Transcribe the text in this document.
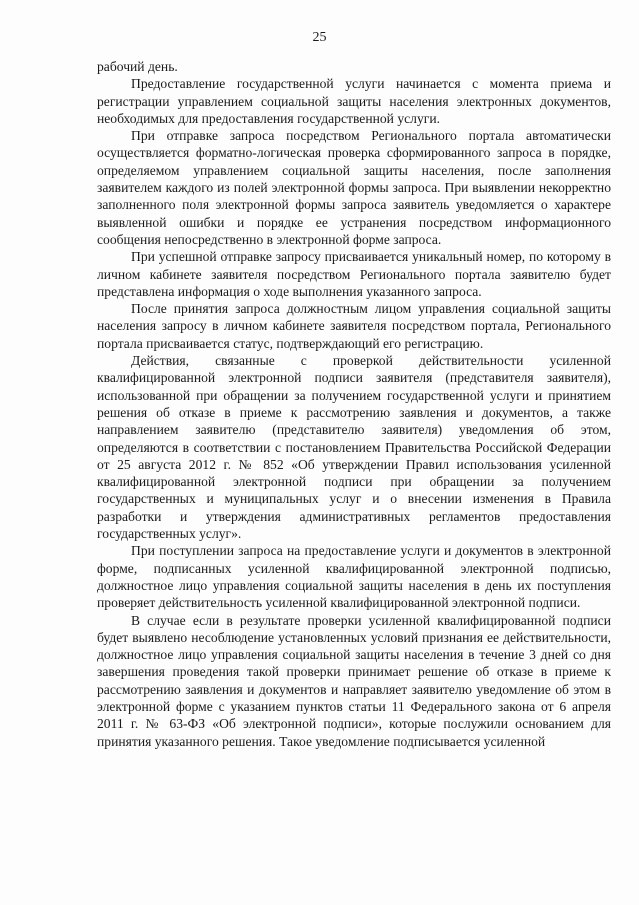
25

рабочий день.

Предоставление государственной услуги начинается с момента приема и регистрации управлением социальной защиты населения электронных документов, необходимых для предоставления государственной услуги.

При отправке запроса посредством Регионального портала автоматически осуществляется форматно-логическая проверка сформированного запроса в порядке, определяемом управлением социальной защиты населения, после заполнения заявителем каждого из полей электронной формы запроса. При выявлении некорректно заполненного поля электронной формы запроса заявитель уведомляется о характере выявленной ошибки и порядке ее устранения посредством информационного сообщения непосредственно в электронной форме запроса.

При успешной отправке запросу присваивается уникальный номер, по которому в личном кабинете заявителя посредством Регионального портала заявителю будет представлена информация о ходе выполнения указанного запроса.

После принятия запроса должностным лицом управления социальной защиты населения запросу в личном кабинете заявителя посредством портала, Регионального портала присваивается статус, подтверждающий его регистрацию.

Действия, связанные с проверкой действительности усиленной квалифицированной электронной подписи заявителя (представителя заявителя), использованной при обращении за получением государственной услуги и принятием решения об отказе в приеме к рассмотрению заявления и документов, а также направлением заявителю (представителю заявителя) уведомления об этом, определяются в соответствии с постановлением Правительства Российской Федерации от 25 августа 2012 г. № 852 «Об утверждении Правил использования усиленной квалифицированной электронной подписи при обращении за получением государственных и муниципальных услуг и о внесении изменения в Правила разработки и утверждения административных регламентов предоставления государственных услуг».

При поступлении запроса на предоставление услуги и документов в электронной форме, подписанных усиленной квалифицированной электронной подписью, должностное лицо управления социальной защиты населения в день их поступления проверяет действительность усиленной квалифицированной электронной подписи.

В случае если в результате проверки усиленной квалифицированной подписи будет выявлено несоблюдение установленных условий признания ее действительности, должностное лицо управления социальной защиты населения в течение 3 дней со дня завершения проведения такой проверки принимает решение об отказе в приеме к рассмотрению заявления и документов и направляет заявителю уведомление об этом в электронной форме с указанием пунктов статьи 11 Федерального закона от 6 апреля 2011 г. № 63-ФЗ «Об электронной подписи», которые послужили основанием для принятия указанного решения. Такое уведомление подписывается усиленной
